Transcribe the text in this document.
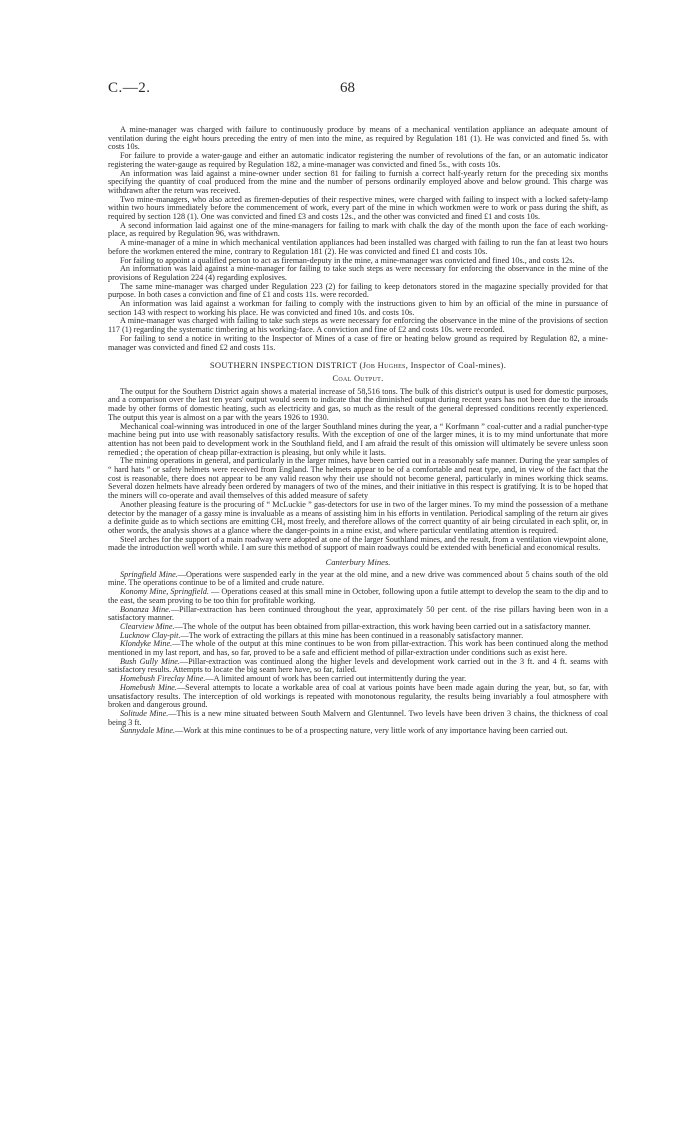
C.—2.	68

A mine-manager was charged with failure to continuously produce by means of a mechanical ventilation appliance an adequate amount of ventilation during the eight hours preceding the entry of men into the mine, as required by Regulation 181 (1). He was convicted and fined 5s. with costs 10s.

For failure to provide a water-gauge and either an automatic indicator registering the number of revolutions of the fan, or an automatic indicator registering the water-gauge as required by Regulation 182, a mine-manager was convicted and fined 5s., with costs 10s.

An information was laid against a mine-owner under section 81 for failing to furnish a correct half-yearly return for the preceding six months specifying the quantity of coal produced from the mine and the number of persons ordinarily employed above and below ground. This charge was withdrawn after the return was received.

Two mine-managers, who also acted as firemen-deputies of their respective mines, were charged with failing to inspect with a locked safety-lamp within two hours immediately before the commencement of work, every part of the mine in which workmen were to work or pass during the shift, as required by section 128 (1). One was convicted and fined £3 and costs 12s., and the other was convicted and fined £1 and costs 10s.

A second information laid against one of the mine-managers for failing to mark with chalk the day of the month upon the face of each working-place, as required by Regulation 96, was withdrawn.

A mine-manager of a mine in which mechanical ventilation appliances had been installed was charged with failing to run the fan at least two hours before the workmen entered the mine, contrary to Regulation 181 (2). He was convicted and fined £1 and costs 10s.

For failing to appoint a qualified person to act as fireman-deputy in the mine, a mine-manager was convicted and fined 10s., and costs 12s.

An information was laid against a mine-manager for failing to take such steps as were necessary for enforcing the observance in the mine of the provisions of Regulation 224 (4) regarding explosives.

The same mine-manager was charged under Regulation 223 (2) for failing to keep detonators stored in the magazine specially provided for that purpose. In both cases a conviction and fine of £1 and costs 11s. were recorded.

An information was laid against a workman for failing to comply with the instructions given to him by an official of the mine in pursuance of section 143 with respect to working his place. He was convicted and fined 10s. and costs 10s.

A mine-manager was charged with failing to take such steps as were necessary for enforcing the observance in the mine of the provisions of section 117 (1) regarding the systematic timbering at his working-face. A conviction and fine of £2 and costs 10s. were recorded.

For failing to send a notice in writing to the Inspector of Mines of a case of fire or heating below ground as required by Regulation 82, a mine-manager was convicted and fined £2 and costs 11s.

SOUTHERN INSPECTION DISTRICT (Job Hughes, Inspector of Coal-mines).
Coal Output.

The output for the Southern District again shows a material increase of 58,516 tons. The bulk of this district's output is used for domestic purposes, and a comparison over the last ten years' output would seem to indicate that the diminished output during recent years has not been due to the inroads made by other forms of domestic heating, such as electricity and gas, so much as the result of the general depressed conditions recently experienced. The output this year is almost on a par with the years 1926 to 1930.

Mechanical coal-winning was introduced in one of the larger Southland mines during the year, a “ Korfmann ” coal-cutter and a radial puncher-type machine being put into use with reasonably satisfactory results. With the exception of one of the larger mines, it is to my mind unfortunate that more attention has not been paid to development work in the Southland field, and I am afraid the result of this omission will ultimately be severe unless soon remedied ; the operation of cheap pillar-extraction is pleasing, but only while it lasts.

The mining operations in general, and particularly in the larger mines, have been carried out in a reasonably safe manner. During the year samples of “ hard hats ” or safety helmets were received from England. The helmets appear to be of a comfortable and neat type, and, in view of the fact that the cost is reasonable, there does not appear to be any valid reason why their use should not become general, particularly in mines working thick seams. Several dozen helmets have already been ordered by managers of two of the mines, and their initiative in this respect is gratifying. It is to be hoped that the miners will co-operate and avail themselves of this added measure of safety

Another pleasing feature is the procuring of “ McLuckie ” gas-detectors for use in two of the larger mines. To my mind the possession of a methane detector by the manager of a gassy mine is invaluable as a means of assisting him in his efforts in ventilation. Periodical sampling of the return air gives a definite guide as to which sections are emitting CH₄ most freely, and therefore allows of the correct quantity of air being circulated in each split, or, in other words, the analysis shows at a glance where the danger-points in a mine exist, and where particular ventilating attention is required.

Steel arches for the support of a main roadway were adopted at one of the larger Southland mines, and the result, from a ventilation viewpoint alone, made the introduction well worth while. I am sure this method of support of main roadways could be extended with beneficial and economical results.

Canterbury Mines.

Springfield Mine.—Operations were suspended early in the year at the old mine, and a new drive was commenced about 5 chains south of the old mine. The operations continue to be of a limited and crude nature.

Konomy Mine, Springfield. — Operations ceased at this small mine in October, following upon a futile attempt to develop the seam to the dip and to the east, the seam proving to be too thin for profitable working.

Bonanza Mine.—Pillar-extraction has been continued throughout the year, approximately 50 per cent. of the rise pillars having been won in a satisfactory manner.

Clearview Mine.—The whole of the output has been obtained from pillar-extraction, this work having been carried out in a satisfactory manner.

Lucknow Clay-pit.—The work of extracting the pillars at this mine has been continued in a reasonably satisfactory manner.

Klondyke Mine.—The whole of the output at this mine continues to be won from pillar-extraction. This work has been continued along the method mentioned in my last report, and has, so far, proved to be a safe and efficient method of pillar-extraction under conditions such as exist here.

Bush Gully Mine.—Pillar-extraction was continued along the higher levels and development work carried out in the 3 ft. and 4 ft. seams with satisfactory results. Attempts to locate the big seam here have, so far, failed.

Homebush Fireclay Mine.—A limited amount of work has been carried out intermittently during the year.

Homebush Mine.—Several attempts to locate a workable area of coal at various points have been made again during the year, but, so far, with unsatisfactory results. The interception of old workings is repeated with monotonous regularity, the results being invariably a foul atmosphere with broken and dangerous ground.

Solitude Mine.—This is a new mine situated between South Malvern and Glentunnel. Two levels have been driven 3 chains, the thickness of coal being 3 ft.

Sunnydale Mine.—Work at this mine continues to be of a prospecting nature, very little work of any importance having been carried out.
